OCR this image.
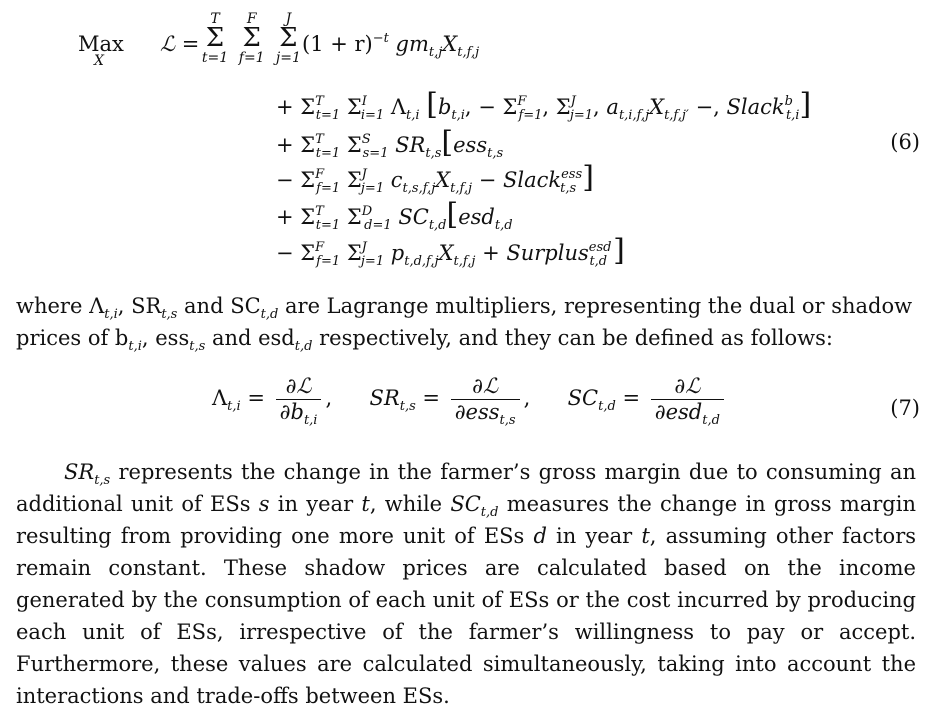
Max
X
ℒ =
T
Σ
t=1

F
Σ
f=1

J
Σ
j=1
$(1 + r)^{-t}$ $gm_{t,j}X_{t,f,j}$
+ $\Sigma^T_{t=1}$ $\Sigma^I_{i=1}$ $\Lambda_{t,i}$ [$b_{t,i}$, − $\Sigma^F_{f=1}$, $\Sigma^J_{j=1}$, $a_{t,i,f,j}X_{t,f,j'}$ −, Slack$^b_{t,i}$]
+ $\Sigma^T_{t=1}$ $\Sigma^S_{s=1}$ $SR_{t,s}[ess_{t,s}$	(6)
− $\Sigma^F_{f=1}$ $\Sigma^J_{j=1}$ $c_{t,s,f,j}X_{t,f,j}$ − Slack$^{ess}_{t,s}$ ]
+ $\Sigma^T_{t=1}$ $\Sigma^D_{d=1}$ $SC_{t,d}[esd_{t,d}$
− $\Sigma^F_{f=1}$ $\Sigma^J_{j=1}$ $p_{t,d,f,j}X_{t,f,j}$ + Surplus$^{esd}_{t,d}$ ]
where $\Lambda_{t,i}$, $SR_{t,s}$ and $SC_{t,d}$ are Lagrange multipliers, representing the dual or shadow prices of $b_{t,i}$, ess$_{t,s}$ and esd$_{t,d}$ respectively, and they can be defined as follows:
$\Lambda_{t,i} = \frac{\text{∂ℒ}}{\partial b_{t,i}}$ ,  $SR_{t,s} = \frac{\text{∂ℒ}}{\partial ess_{t,s}}$ ,  $SC_{t,d} = \frac{\text{∂ℒ}}{\partial esd_{t,d}}$	(7)
$SR_{t,s}$ represents the change in the farmer’s gross margin due to consuming an additional unit of ESs s in year t, while $SC_{t,d}$ measures the change in gross margin resulting from providing one more unit of ESs d in year t, assuming other factors remain constant. These shadow prices are calculated based on the income generated by the consumption of each unit of ESs or the cost incurred by producing each unit of ESs, irrespective of the farmer’s willingness to pay or accept. Furthermore, these values are calculated simultaneously, taking into account the interactions and trade-offs between ESs.
